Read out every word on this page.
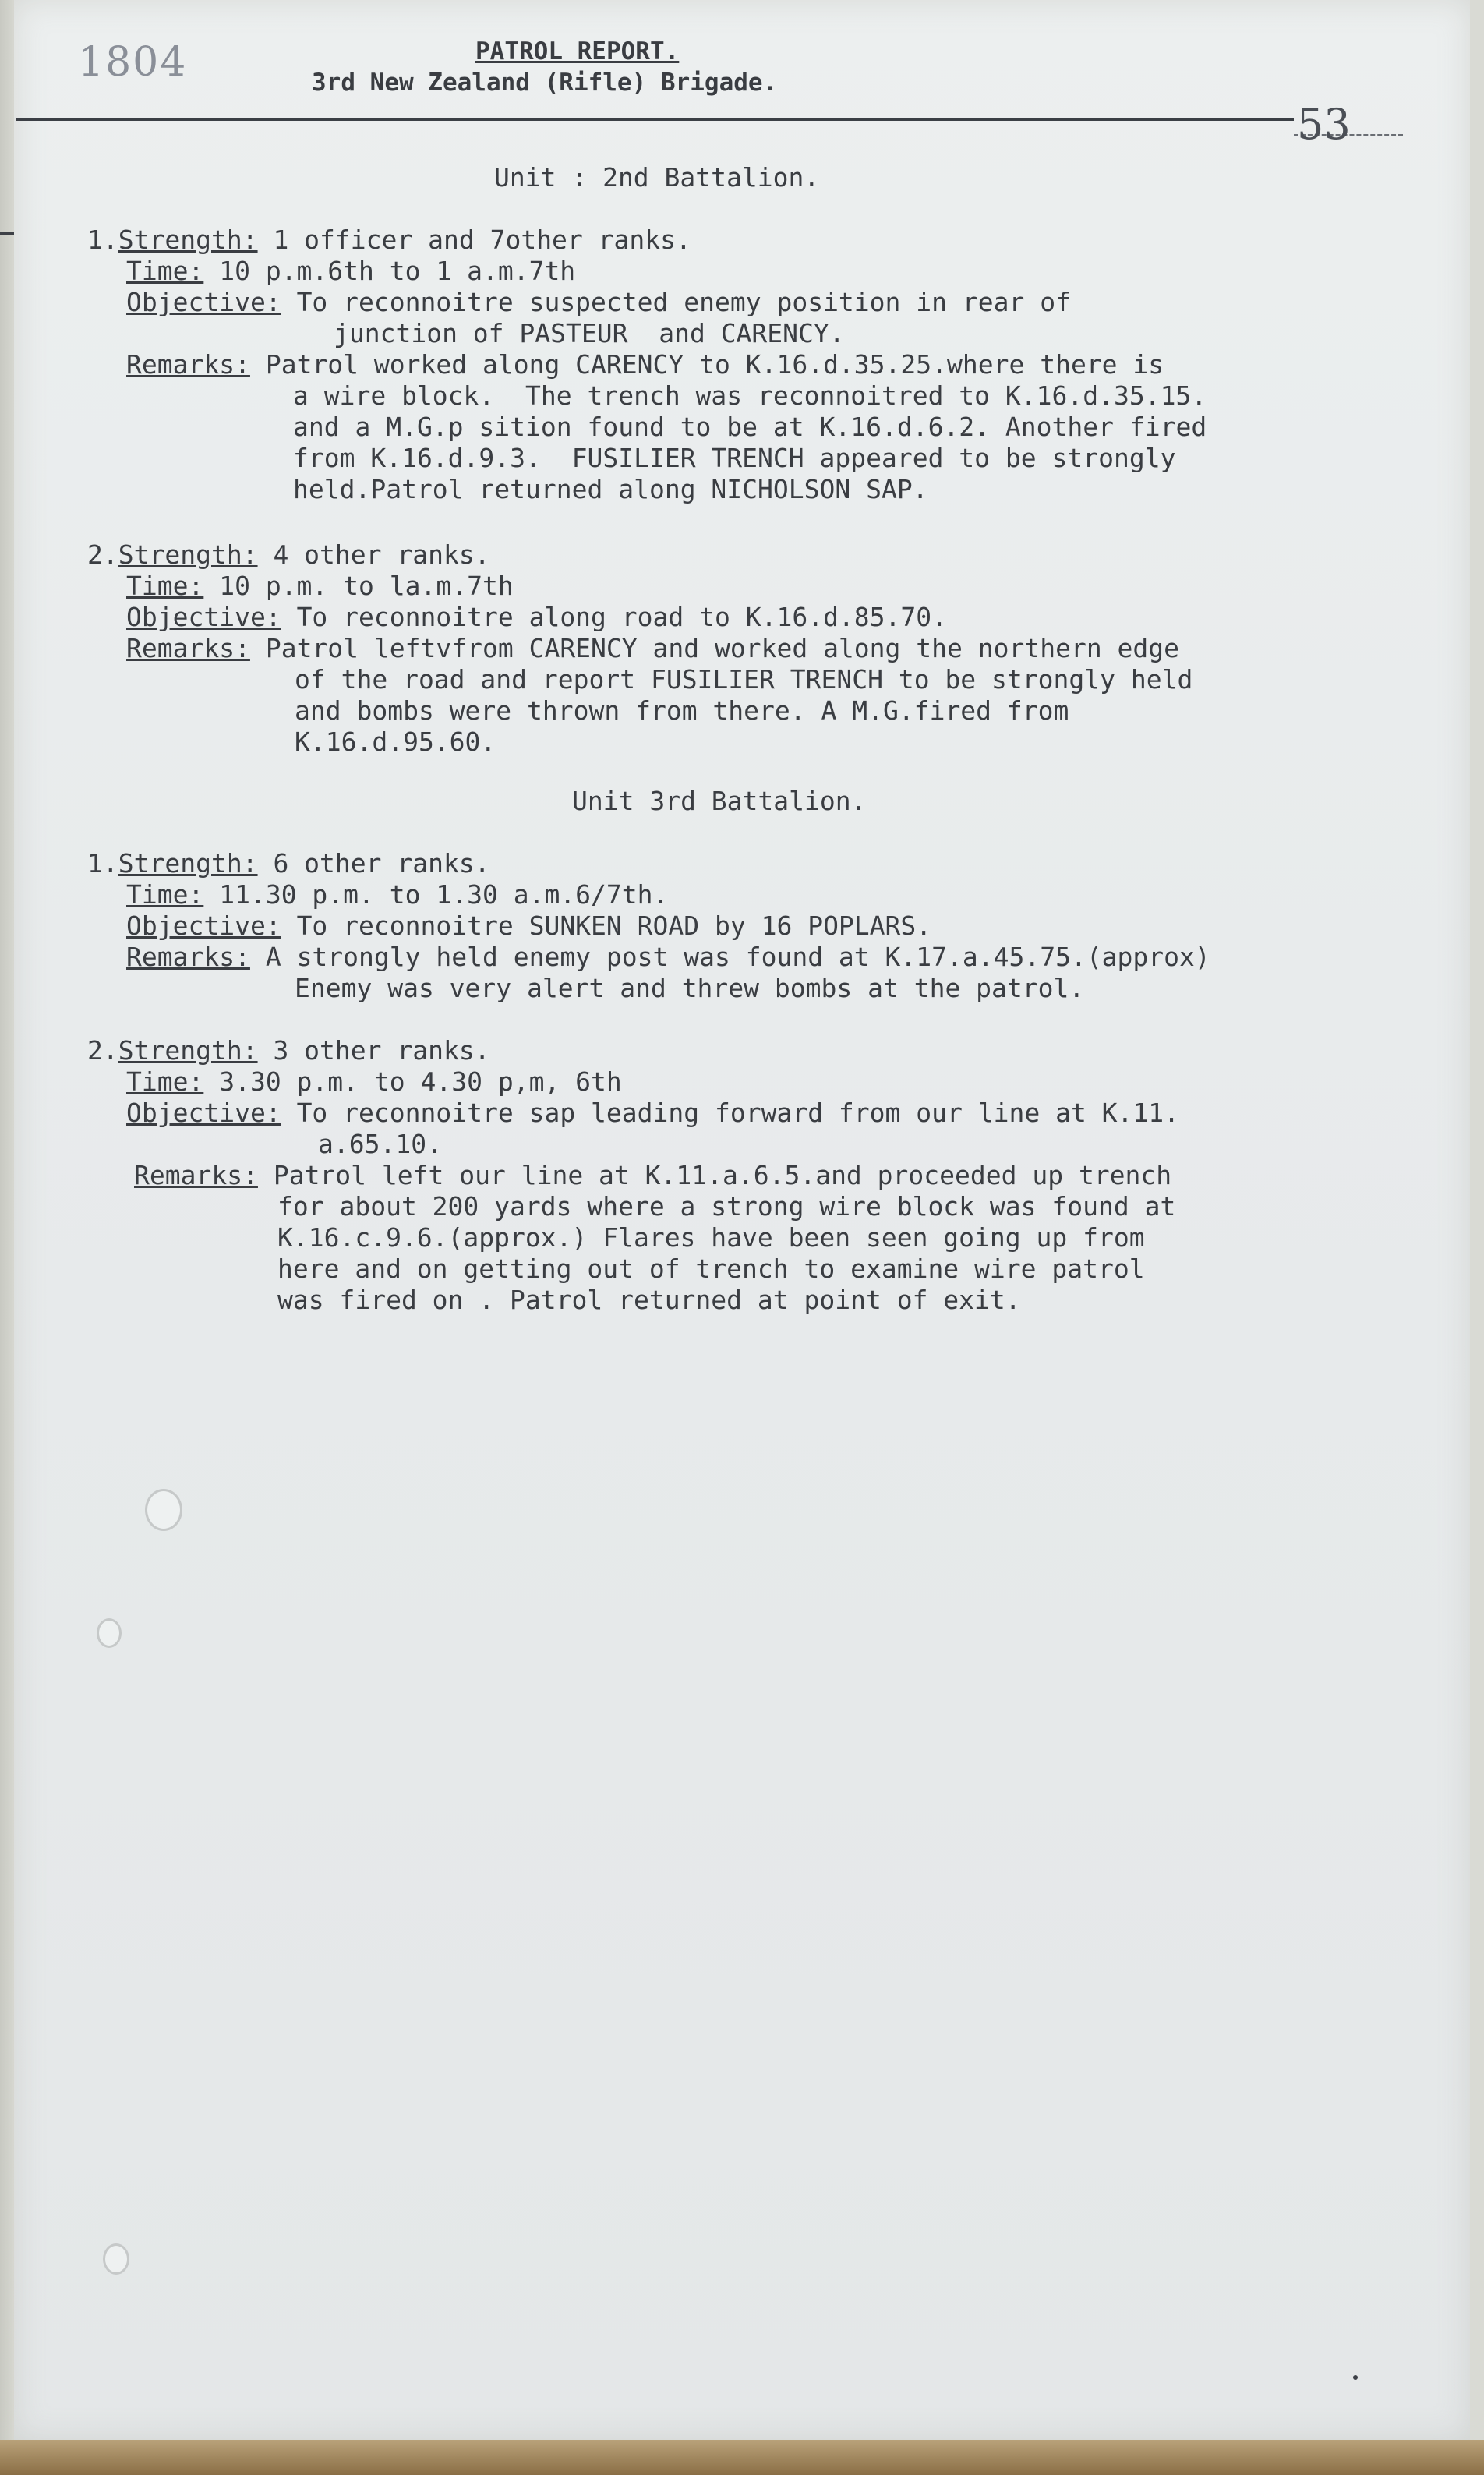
1804	PATROL REPORT.
3rd New Zealand (Rifle) Brigade.
53
Unit : 2nd Battalion.
1.Strength: 1 officer and 7other ranks.
Time: 10 p.m.6th to 1 a.m.7th
Objective: To reconnoitre suspected enemy position in rear of
junction of PASTEUR  and CARENCY.
Remarks: Patrol worked along CARENCY to K.16.d.35.25.where there is
a wire block.  The trench was reconnoitred to K.16.d.35.15.
and a M.G.p sition found to be at K.16.d.6.2. Another fired
from K.16.d.9.3.  FUSILIER TRENCH appeared to be strongly
held.Patrol returned along NICHOLSON SAP.
2.Strength: 4 other ranks.
Time: 10 p.m. to la.m.7th
Objective: To reconnoitre along road to K.16.d.85.70.
Remarks: Patrol leftvfrom CARENCY and worked along the northern edge
of the road and report FUSILIER TRENCH to be strongly held
and bombs were thrown from there. A M.G.fired from
K.16.d.95.60.
Unit 3rd Battalion.
1.Strength: 6 other ranks.
Time: 11.30 p.m. to 1.30 a.m.6/7th.
Objective: To reconnoitre SUNKEN ROAD by 16 POPLARS.
Remarks: A strongly held enemy post was found at K.17.a.45.75.(approx)
Enemy was very alert and threw bombs at the patrol.
2.Strength: 3 other ranks.
Time: 3.30 p.m. to 4.30 p,m, 6th
Objective: To reconnoitre sap leading forward from our line at K.11.
a.65.10.
Remarks: Patrol left our line at K.11.a.6.5.and proceeded up trench
for about 200 yards where a strong wire block was found at
K.16.c.9.6.(approx.) Flares have been seen going up from
here and on getting out of trench to examine wire patrol
was fired on . Patrol returned at point of exit.
